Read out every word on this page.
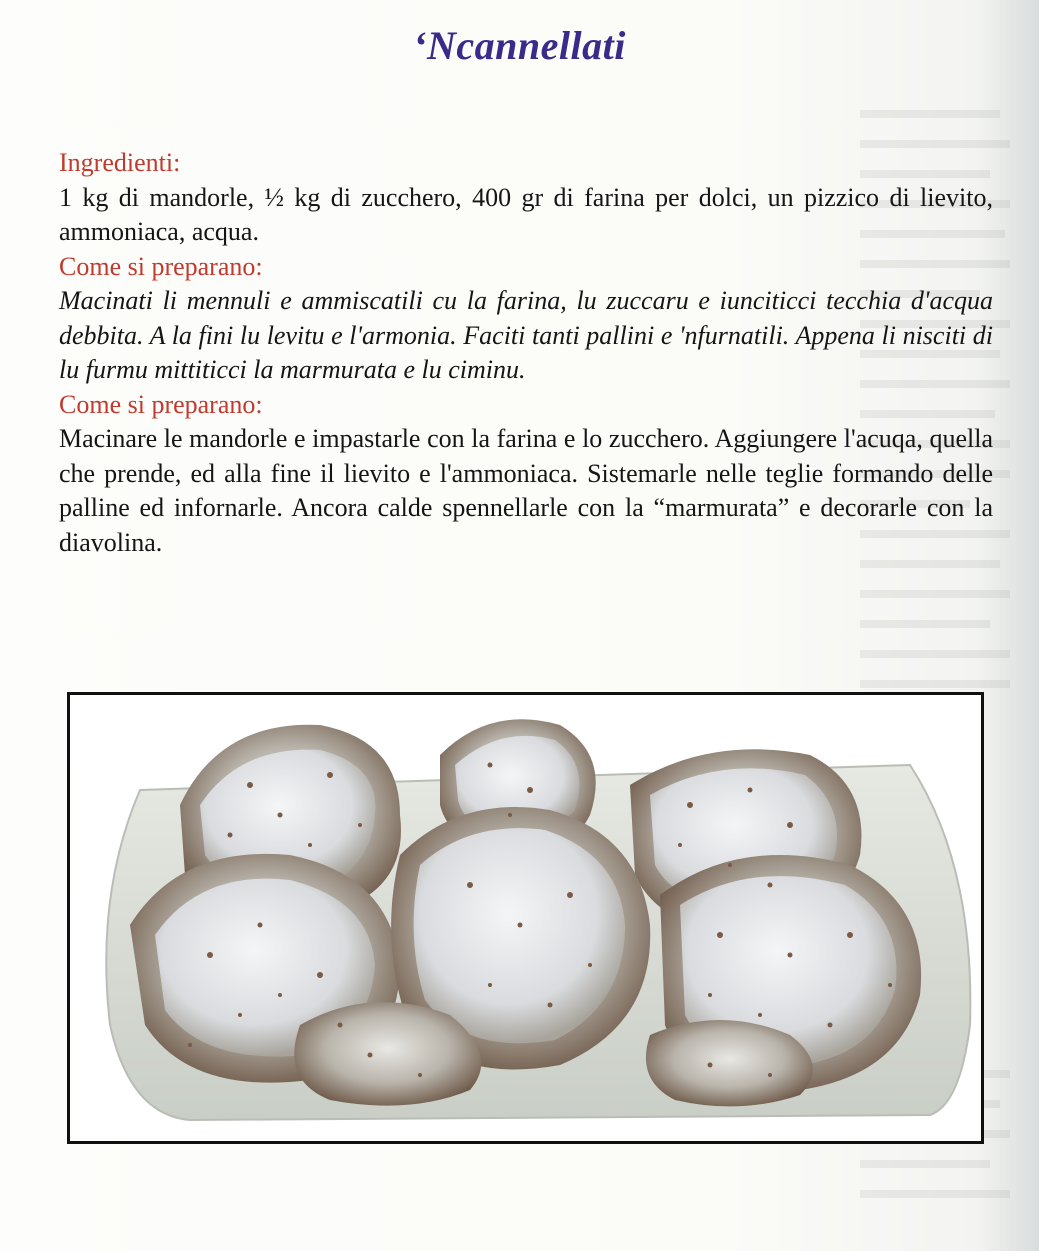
‘Ncannellati
Ingredienti:
1 kg di mandorle, ½ kg di zucchero, 400 gr di farina per dolci, un pizzico di lievito, ammoniaca, acqua.
Come si preparano:
Macinati li mennuli e ammiscatili cu la farina, lu zuccaru e iunciticci tecchia d'acqua debbita. A la fini lu levitu e l'armonia. Faciti tanti pallini e 'nfurnatili. Appena li nisciti di lu furmu mittiticci la marmurata e lu ciminu.
Come si preparano:
Macinare le mandorle e impastarle con la farina e lo zucchero. Aggiungere l'acuqa, quella che prende, ed alla fine il lievito e l'ammoniaca. Sistemarle nelle teglie formando delle palline ed infornarle. Ancora calde spennellarle con la “marmurata” e decorarle con la diavolina.
